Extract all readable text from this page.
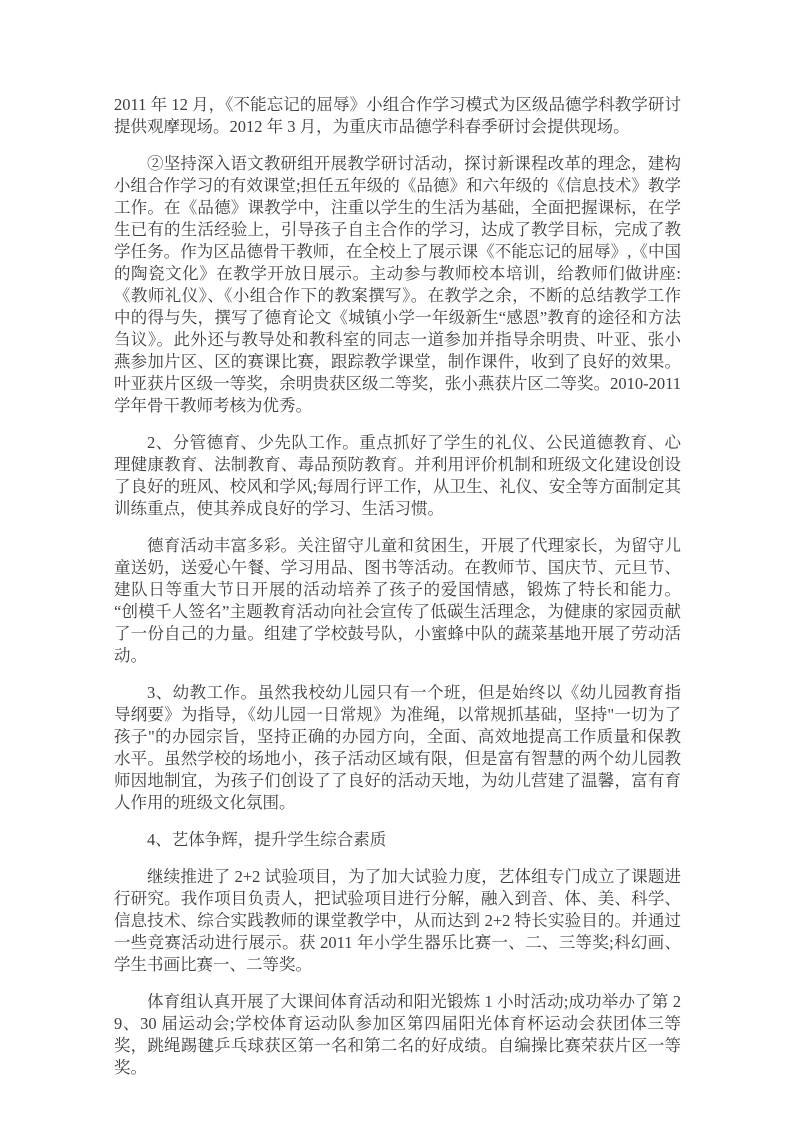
2011 年 12 月，《不能忘记的屈辱》小组合作学习模式为区级品德学科教学研讨提供观摩现场。2012 年 3 月，为重庆市品德学科春季研讨会提供现场。

②坚持深入语文教研组开展教学研讨活动，探讨新课程改革的理念，建构小组合作学习的有效课堂;担任五年级的《品德》和六年级的《信息技术》教学工作。在《品德》课教学中，注重以学生的生活为基础，全面把握课标，在学生已有的生活经验上，引导孩子自主合作的学习，达成了教学目标，完成了教学任务。作为区品德骨干教师，在全校上了展示课《不能忘记的屈辱》,《中国的陶瓷文化》在教学开放日展示。主动参与教师校本培训，给教师们做讲座:《教师礼仪》、《小组合作下的教案撰写》。在教学之余，不断的总结教学工作中的得与失，撰写了德育论文《城镇小学一年级新生“感恩”教育的途径和方法刍议》。此外还与教导处和教科室的同志一道参加并指导余明贵、叶亚、张小燕参加片区、区的赛课比赛，跟踪教学课堂，制作课件，收到了良好的效果。叶亚获片区级一等奖，余明贵获区级二等奖，张小燕获片区二等奖。2010-2011 学年骨干教师考核为优秀。

2、分管德育、少先队工作。重点抓好了学生的礼仪、公民道德教育、心理健康教育、法制教育、毒品预防教育。并利用评价机制和班级文化建设创设了良好的班风、校风和学风;每周行评工作，从卫生、礼仪、安全等方面制定其训练重点，使其养成良好的学习、生活习惯。

德育活动丰富多彩。关注留守儿童和贫困生，开展了代理家长，为留守儿童送奶，送爱心午餐、学习用品、图书等活动。在教师节、国庆节、元旦节、建队日等重大节日开展的活动培养了孩子的爱国情感，锻炼了特长和能力。“创模千人签名”主题教育活动向社会宣传了低碳生活理念，为健康的家园贡献了一份自己的力量。组建了学校鼓号队，小蜜蜂中队的蔬菜基地开展了劳动活动。

3、幼教工作。虽然我校幼儿园只有一个班，但是始终以《幼儿园教育指导纲要》为指导，《幼儿园一日常规》为准绳，以常规抓基础，坚持"一切为了孩子"的办园宗旨，坚持正确的办园方向，全面、高效地提高工作质量和保教水平。虽然学校的场地小，孩子活动区域有限，但是富有智慧的两个幼儿园教师因地制宜，为孩子们创设了了良好的活动天地，为幼儿营建了温馨，富有育人作用的班级文化氛围。

4、艺体争辉，提升学生综合素质

继续推进了 2+2 试验项目，为了加大试验力度，艺体组专门成立了课题进行研究。我作项目负责人，把试验项目进行分解，融入到音、体、美、科学、信息技术、综合实践教师的课堂教学中，从而达到 2+2 特长实验目的。并通过一些竞赛活动进行展示。获 2011 年小学生器乐比赛一、二、三等奖;科幻画、学生书画比赛一、二等奖。

体育组认真开展了大课间体育活动和阳光锻炼 1 小时活动;成功举办了第 29、30 届运动会;学校体育运动队参加区第四届阳光体育杯运动会获团体三等奖，跳绳踢毽乒乓球获区第一名和第二名的好成绩。自编操比赛荣获片区一等奖。
